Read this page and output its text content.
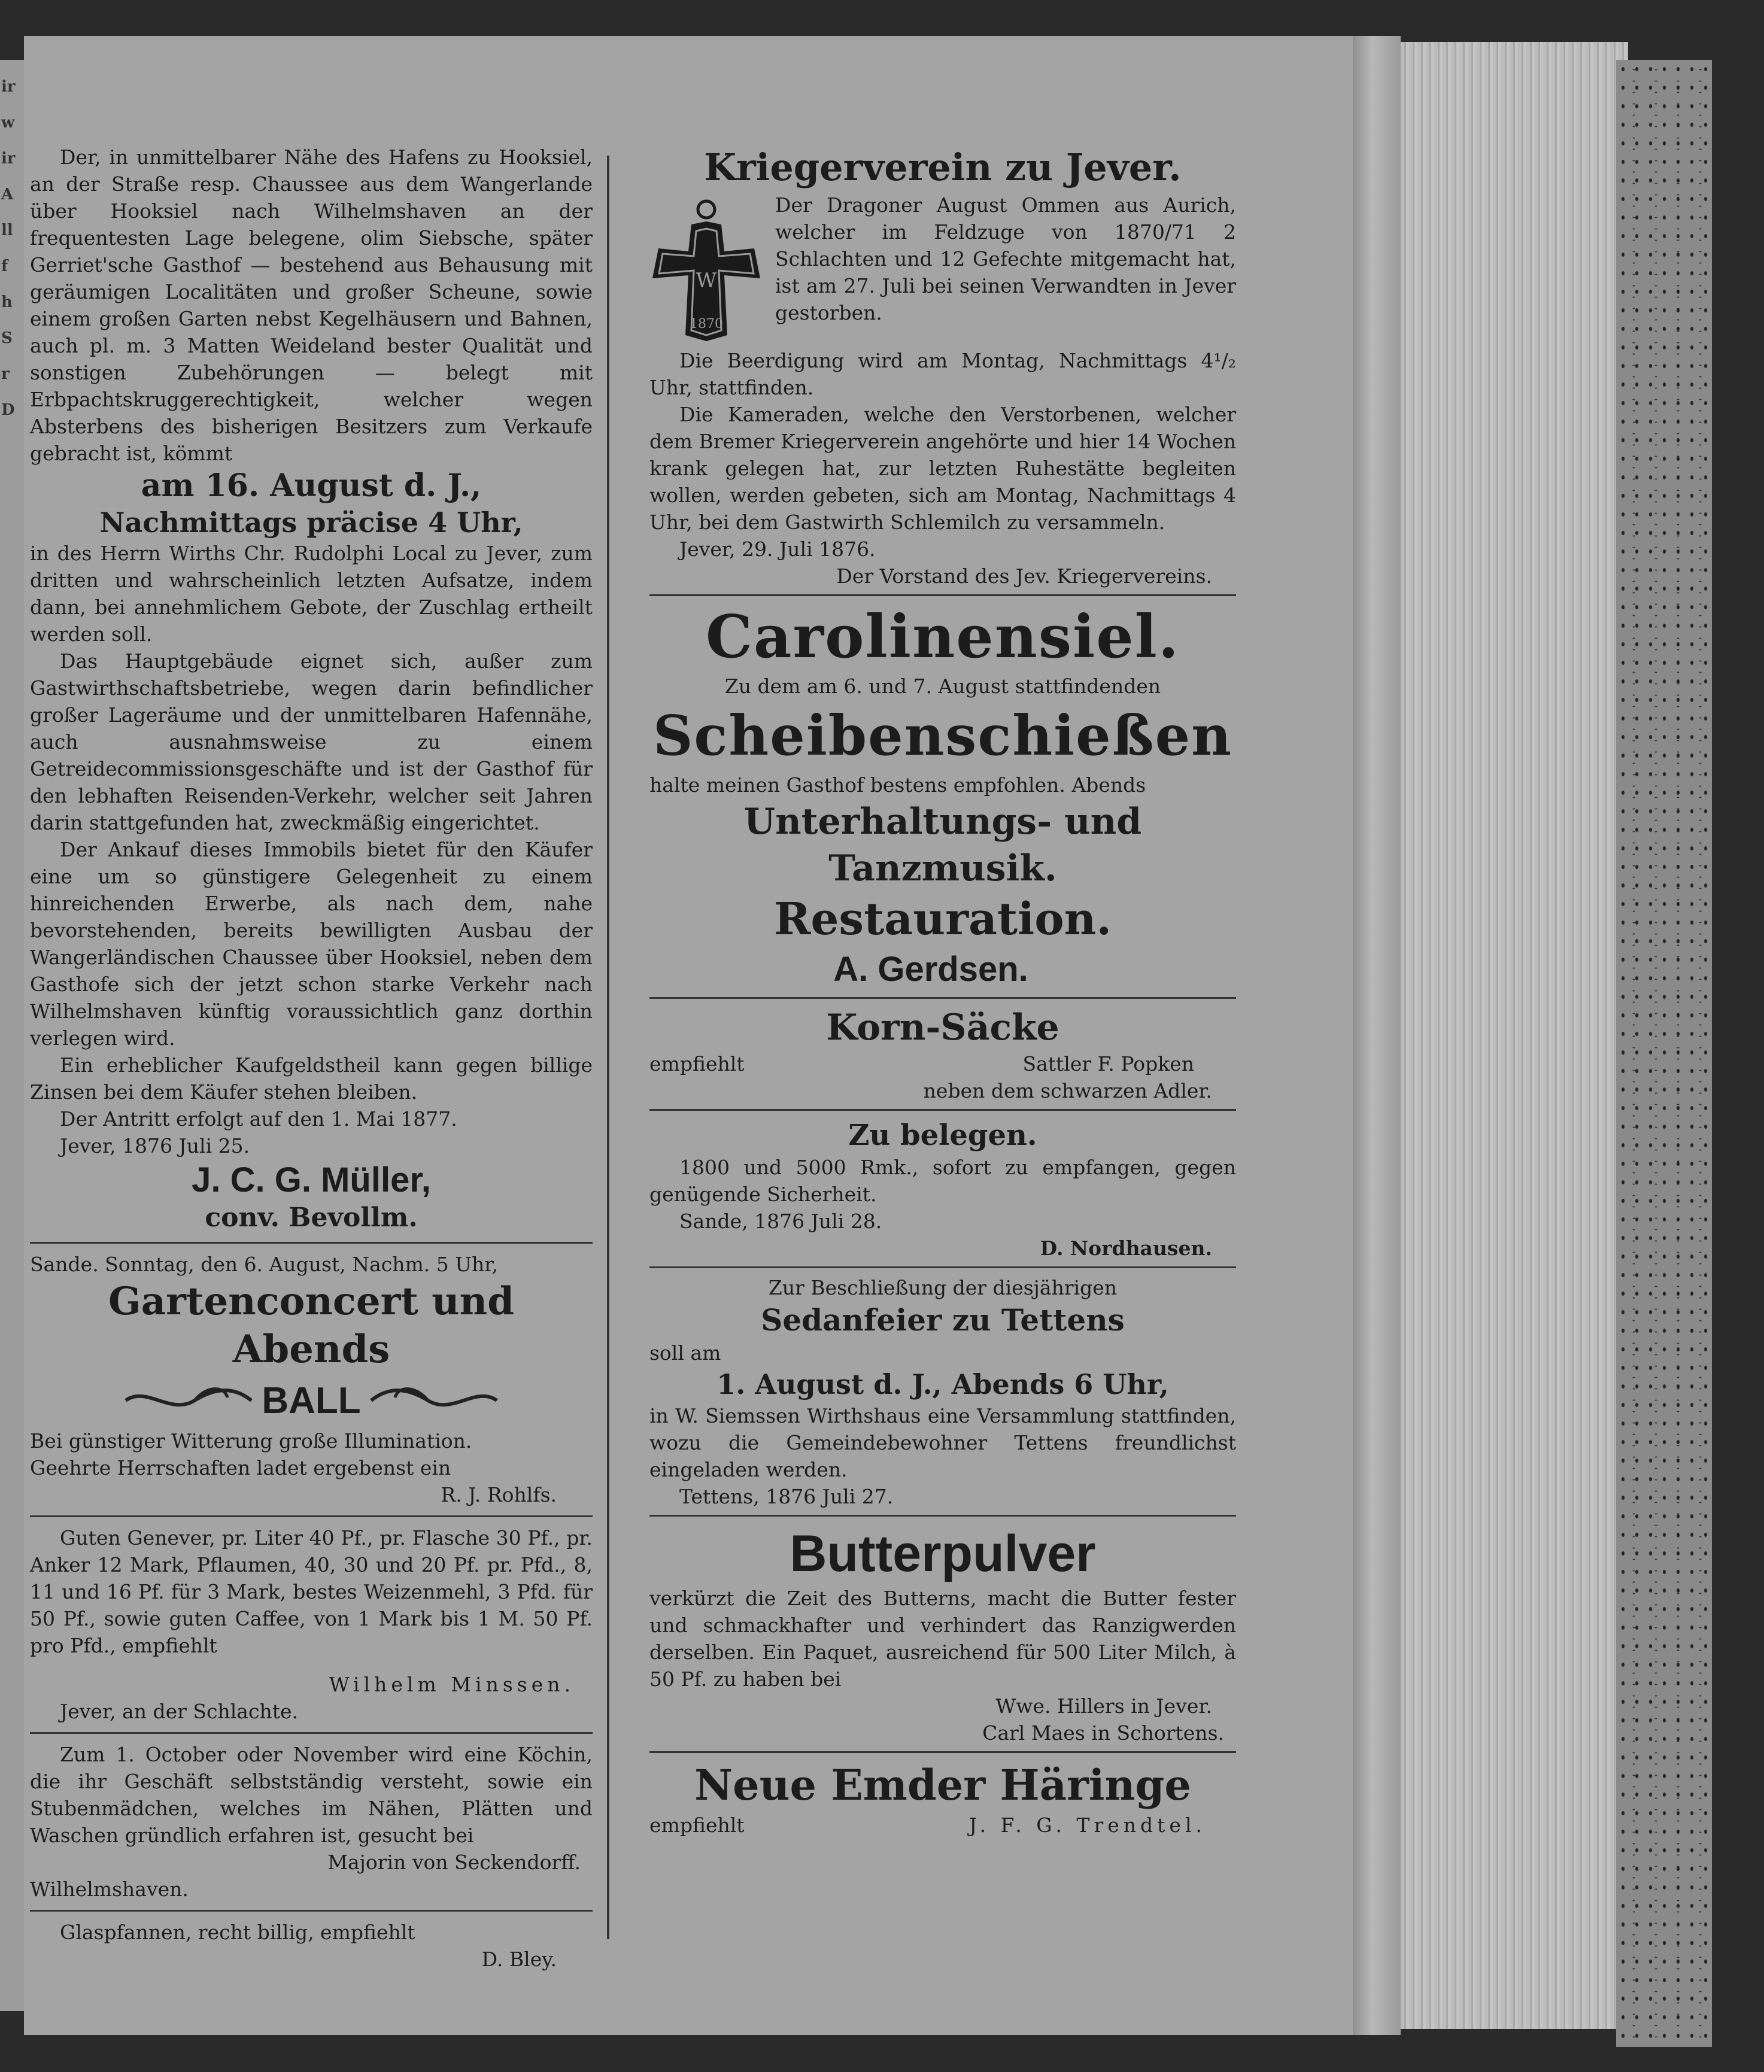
ir
w
ir
A
ll
f
h
S
r
D

Der, in unmittelbarer Nähe des Hafens zu Hooksiel, an der Straße resp. Chaussee aus dem Wangerlande über Hooksiel nach Wilhelmshaven an der frequentesten Lage belegene, olim Siebsche, später Gerriet'sche Gasthof — bestehend aus Behausung mit geräumigen Localitäten und großer Scheune, sowie einem großen Garten nebst Kegelhäusern und Bahnen, auch pl. m. 3 Matten Weideland bester Qualität und sonstigen Zubehörungen — belegt mit Erbpachtskruggerechtigkeit, welcher wegen Absterbens des bisherigen Besitzers zum Verkaufe gebracht ist, kömmt

am 16. August d. J.,

Nachmittags präcise 4 Uhr,

in des Herrn Wirths Chr. Rudolphi Local zu Jever, zum dritten und wahrscheinlich letzten Aufsatze, indem dann, bei annehmlichem Gebote, der Zuschlag ertheilt werden soll.

Das Hauptgebäude eignet sich, außer zum Gastwirthschaftsbetriebe, wegen darin befindlicher großer Lageräume und der unmittelbaren Hafennähe, auch ausnahmsweise zu einem Getreidecommissionsgeschäfte und ist der Gasthof für den lebhaften Reisenden-Verkehr, welcher seit Jahren darin stattgefunden hat, zweckmäßig eingerichtet.

Der Ankauf dieses Immobils bietet für den Käufer eine um so günstigere Gelegenheit zu einem hinreichenden Erwerbe, als nach dem, nahe bevorstehenden, bereits bewilligten Ausbau der Wangerländischen Chaussee über Hooksiel, neben dem Gasthofe sich der jetzt schon starke Verkehr nach Wilhelmshaven künftig voraussichtlich ganz dorthin verlegen wird.

Ein erheblicher Kaufgeldstheil kann gegen billige Zinsen bei dem Käufer stehen bleiben.

Der Antritt erfolgt auf den 1. Mai 1877.

Jever, 1876 Juli 25.

J. C. G. Müller,

conv. Bevollm.

Sande. Sonntag, den 6. August, Nachm. 5 Uhr,

Gartenconcert und Abends

BALL

Bei günstiger Witterung große Illumination.

Geehrte Herrschaften ladet ergebenst ein

R. J. Rohlfs.

Guten Genever, pr. Liter 40 Pf., pr. Flasche 30 Pf., pr. Anker 12 Mark, Pflaumen, 40, 30 und 20 Pf. pr. Pfd., 8, 11 und 16 Pf. für 3 Mark, bestes Weizenmehl, 3 Pfd. für 50 Pf., sowie guten Caffee, von 1 Mark bis 1 M. 50 Pf. pro Pfd., empfiehlt

Wilhelm Minssen.

Jever, an der Schlachte.

Zum 1. October oder November wird eine Köchin, die ihr Geschäft selbstständig versteht, sowie ein Stubenmädchen, welches im Nähen, Plätten und Waschen gründlich erfahren ist, gesucht bei

Majorin von Seckendorff.

Wilhelmshaven.

Glaspfannen, recht billig, empfiehlt

D. Bley.

Kriegerverein zu Jever.

W
1870

Der Dragoner August Ommen aus Aurich, welcher im Feldzuge von 1870/71 2 Schlachten und 12 Gefechte mitgemacht hat, ist am 27. Juli bei seinen Verwandten in Jever gestorben.

Die Beerdigung wird am Montag, Nachmittags 4¹/₂ Uhr, stattfinden.

Die Kameraden, welche den Verstorbenen, welcher dem Bremer Kriegerverein angehörte und hier 14 Wochen krank gelegen hat, zur letzten Ruhestätte begleiten wollen, werden gebeten, sich am Montag, Nachmittags 4 Uhr, bei dem Gastwirth Schlemilch zu versammeln.

Jever, 29. Juli 1876.

Der Vorstand des Jev. Kriegervereins.

Carolinensiel.

Zu dem am 6. und 7. August stattfindenden

Scheibenschießen

halte meinen Gasthof bestens empfohlen. Abends

Unterhaltungs- und Tanzmusik.

Restauration.

A. Gerdsen.

Korn-Säcke

empfiehlt	Sattler F. Popken

neben dem schwarzen Adler.

Zu belegen.

1800 und 5000 Rmk., sofort zu empfangen, gegen genügende Sicherheit.

Sande, 1876 Juli 28.

D. Nordhausen.

Zur Beschließung der diesjährigen

Sedanfeier zu Tettens

soll am

1. August d. J., Abends 6 Uhr,

in W. Siemssen Wirthshaus eine Versammlung stattfinden, wozu die Gemeindebewohner Tettens freundlichst eingeladen werden.

Tettens, 1876 Juli 27.

Butterpulver

verkürzt die Zeit des Butterns, macht die Butter fester und schmackhafter und verhindert das Ranzigwerden derselben. Ein Paquet, ausreichend für 500 Liter Milch, à 50 Pf. zu haben bei

Wwe. Hillers in Jever.

Carl Maes in Schortens.

Neue Emder Häringe

empfiehlt	J. F. G. Trendtel.
